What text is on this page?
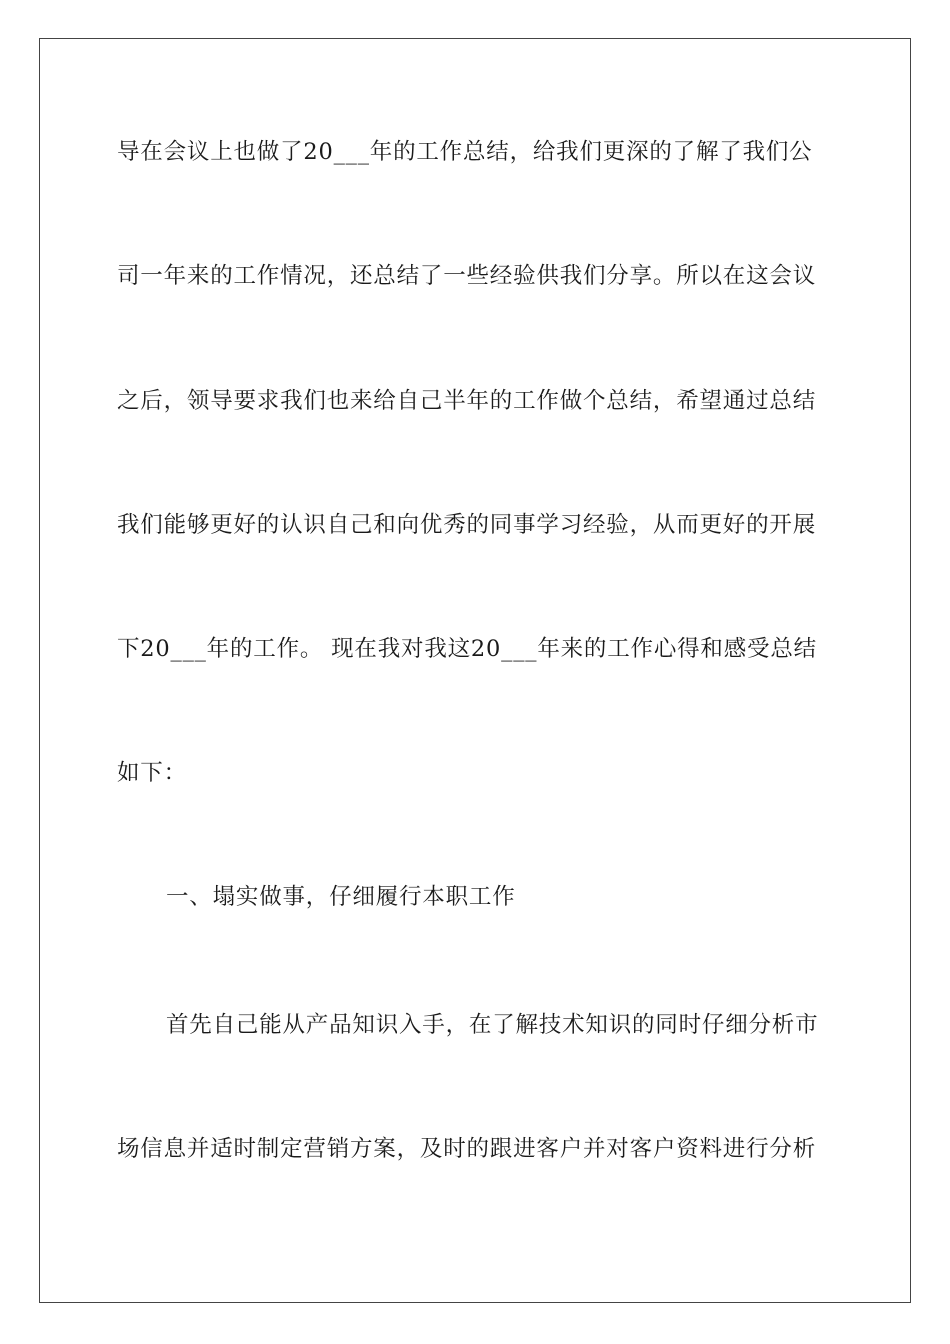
导在会议上也做了20___年的工作总结，给我们更深的了解了我们公
司一年来的工作情况，还总结了一些经验供我们分享。所以在这会议
之后，领导要求我们也来给自己半年的工作做个总结，希望通过总结
我们能够更好的认识自己和向优秀的同事学习经验，从而更好的开展
下20___年的工作。 现在我对我这20___年来的工作心得和感受总结
如下：
一、塌实做事，仔细履行本职工作
首先自己能从产品知识入手，在了解技术知识的同时仔细分析市
场信息并适时制定营销方案，及时的跟进客户并对客户资料进行分析
